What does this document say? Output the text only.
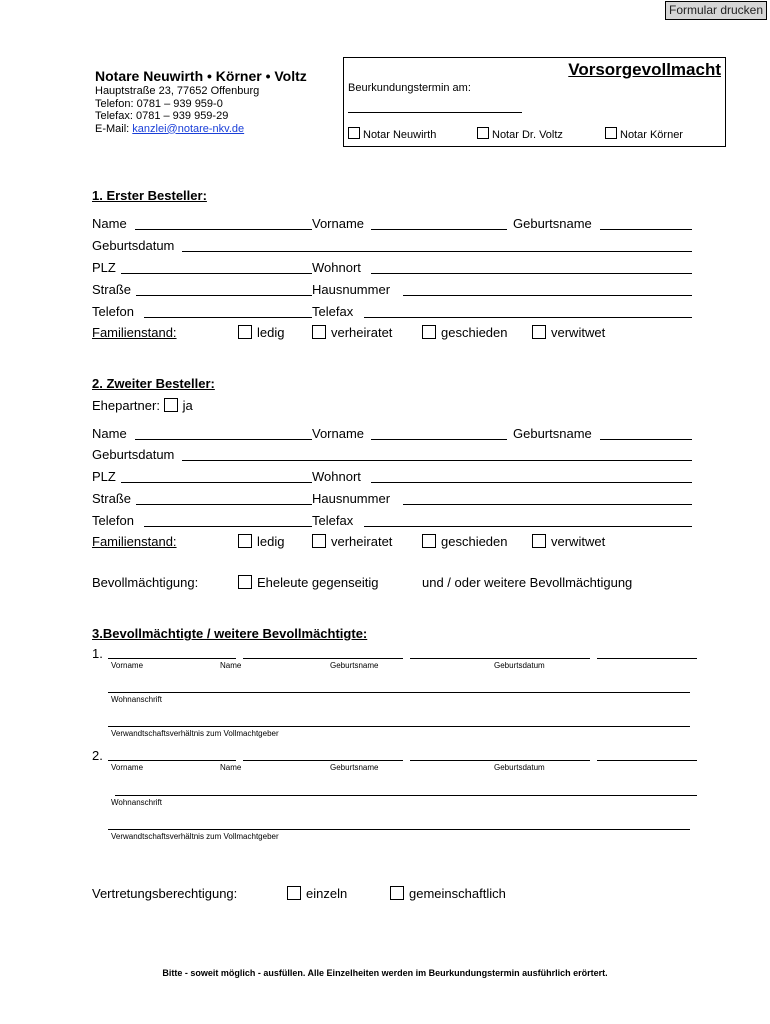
Formular drucken
Notare Neuwirth • Körner • Voltz
Hauptstraße 23, 77652 Offenburg
Telefon: 0781 – 939 959-0
Telefax: 0781 – 939 959-29
E-Mail: kanzlei@notare-nkv.de
Vorsorgevollmacht
Beurkundungstermin am:
Notar Neuwirth	Notar Dr. Voltz	Notar Körner
1. Erster Besteller:
Name	Vorname	Geburtsname
Geburtsdatum
PLZ	Wohnort
Straße	Hausnummer
Telefon	Telefax
Familienstand:	ledig	verheiratet	geschieden	verwitwet
2. Zweiter Besteller:
Ehepartner: ja
Name	Vorname	Geburtsname
Geburtsdatum
PLZ	Wohnort
Straße	Hausnummer
Telefon	Telefax
Familienstand:	ledig	verheiratet	geschieden	verwitwet
Bevollmächtigung:	Eheleute gegenseitig	und / oder weitere Bevollmächtigung
3.Bevollmächtigte / weitere Bevollmächtigte:
1.
Vorname	Name	Geburtsname	Geburtsdatum
Wohnanschrift
Verwandtschaftsverhältnis zum Vollmachtgeber
2.
Vorname	Name	Geburtsname	Geburtsdatum
Wohnanschrift
Verwandtschaftsverhältnis zum Vollmachtgeber
Vertretungsberechtigung:	einzeln	gemeinschaftlich
Bitte - soweit möglich - ausfüllen. Alle Einzelheiten werden im Beurkundungstermin ausführlich erörtert.
